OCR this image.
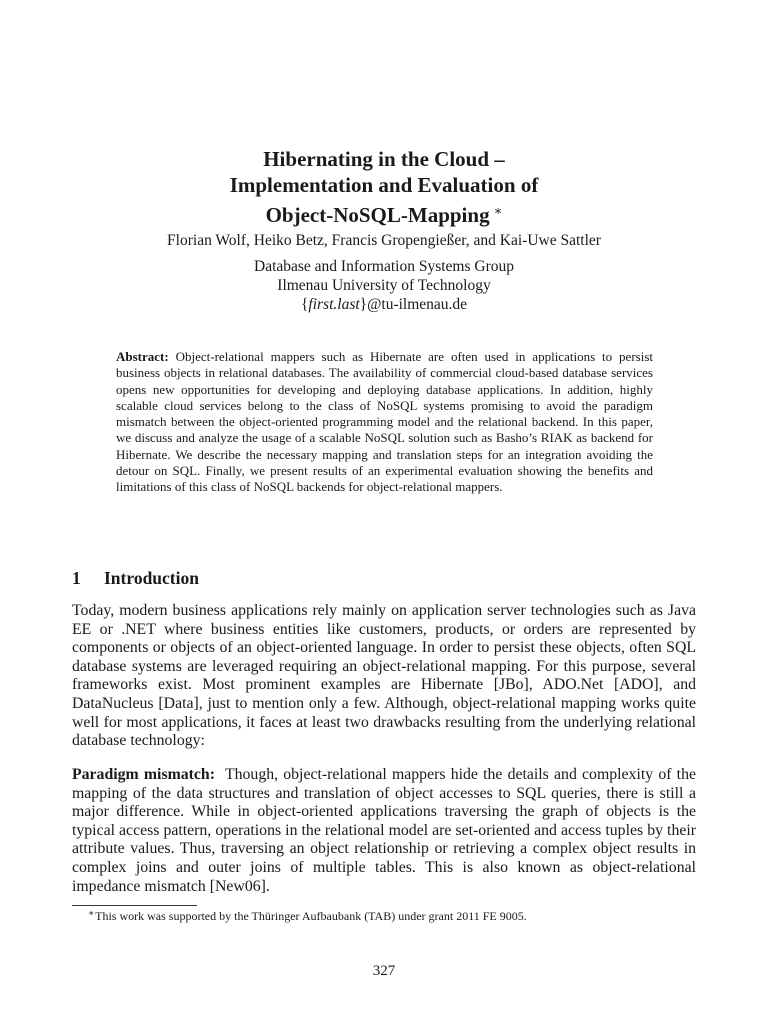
Hibernating in the Cloud –
Implementation and Evaluation of
Object-NoSQL-Mapping ∗
Florian Wolf, Heiko Betz, Francis Gropengießer, and Kai-Uwe Sattler
Database and Information Systems Group
Ilmenau University of Technology
{first.last}@tu-ilmenau.de
Abstract: Object-relational mappers such as Hibernate are often used in applications to persist business objects in relational databases. The availability of commercial cloud-based database services opens new opportunities for developing and deploying database applications. In addition, highly scalable cloud services belong to the class of NoSQL systems promising to avoid the paradigm mismatch between the object-oriented programming model and the relational backend. In this paper, we discuss and analyze the usage of a scalable NoSQL solution such as Basho’s RIAK as backend for Hibernate. We describe the necessary mapping and translation steps for an integration avoiding the detour on SQL. Finally, we present results of an experimental evaluation showing the benefits and limitations of this class of NoSQL backends for object-relational mappers.
1 Introduction
Today, modern business applications rely mainly on application server technologies such as Java EE or .NET where business entities like customers, products, or orders are represented by components or objects of an object-oriented language. In order to persist these objects, often SQL database systems are leveraged requiring an object-relational mapping. For this purpose, several frameworks exist. Most prominent examples are Hibernate [JBo], ADO.Net [ADO], and DataNucleus [Data], just to mention only a few. Although, object-relational mapping works quite well for most applications, it faces at least two drawbacks resulting from the underlying relational database technology:
Paradigm mismatch: Though, object-relational mappers hide the details and complexity of the mapping of the data structures and translation of object accesses to SQL queries, there is still a major difference. While in object-oriented applications traversing the graph of objects is the typical access pattern, operations in the relational model are set-oriented and access tuples by their attribute values. Thus, traversing an object relationship or retrieving a complex object results in complex joins and outer joins of multiple tables. This is also known as object-relational impedance mismatch [New06].
∗This work was supported by the Thüringer Aufbaubank (TAB) under grant 2011 FE 9005.
327
